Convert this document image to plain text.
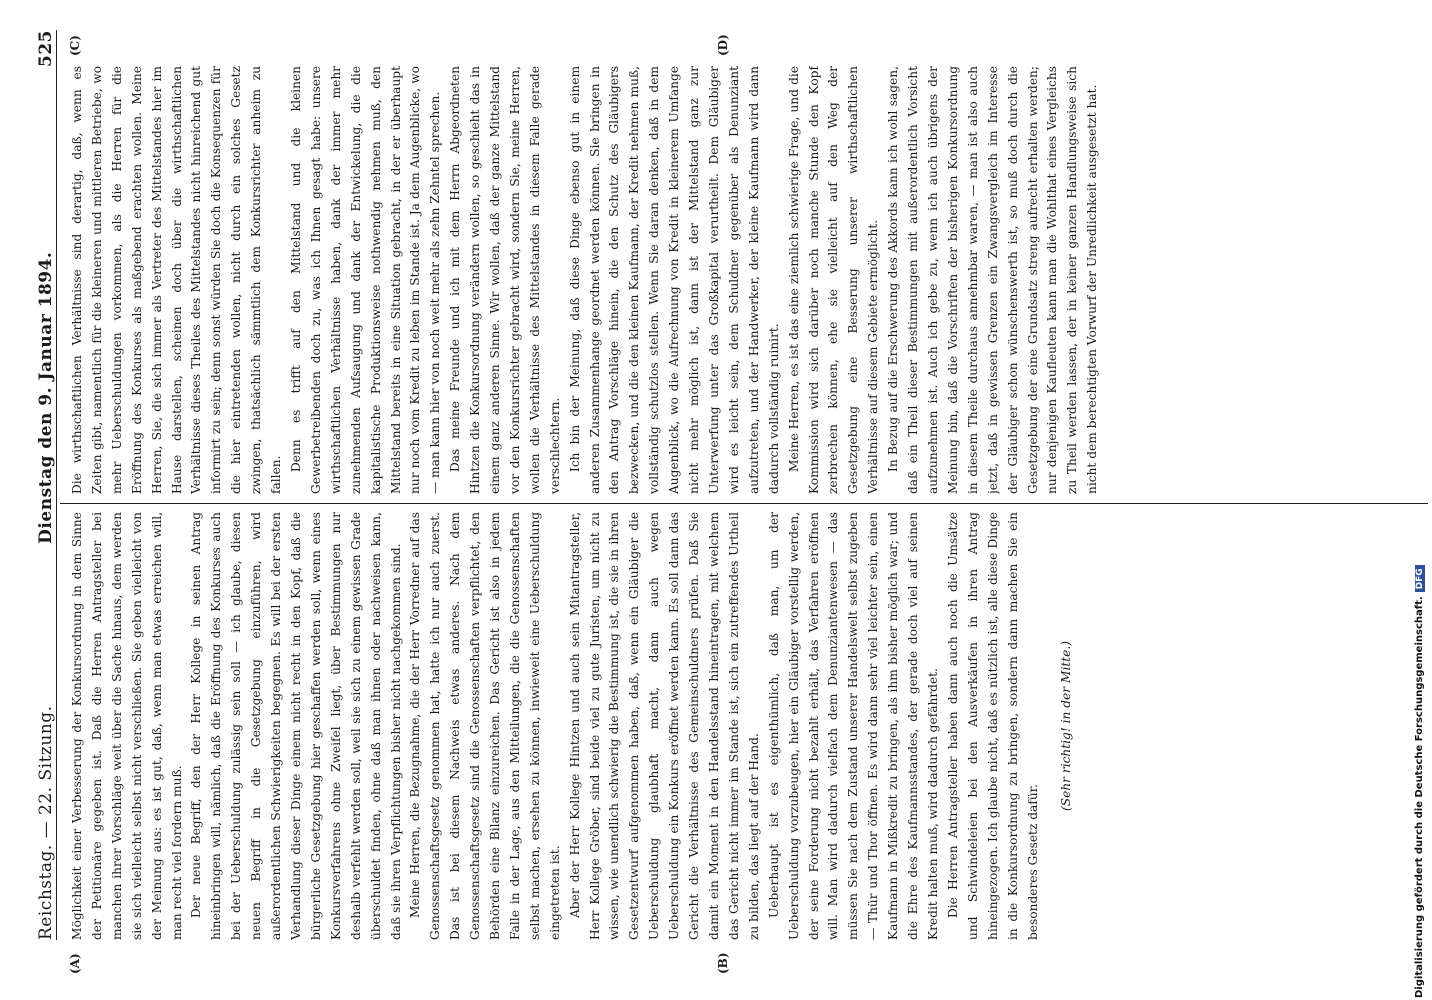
Reichstag. — 22. Sitzung.
Dienstag den 9. Januar 1894.
525
(A)	(B)
(C)	(D)

Möglichkeit einer Verbesserung der Konkursordnung in dem Sinne der Petitionäre gegeben ist. Daß die Herren Antragsteller bei manchen ihrer Vorschläge weit über die Sache hinaus, dem werden sie sich vielleicht selbst nicht verschließen. Sie geben vielleicht von der Meinung aus: es ist gut, daß, wenn man etwas erreichen will, man recht viel fordern muß. Der neue Begriff, den der Herr Kollege in seinen Antrag hineinbringen will, nämlich, daß die Eröffnung des Konkurses auch bei der Ueberschuldung zulässig sein soll — ich glaube, diesen neuen Begriff in die Gesetzgebung einzuführen, wird außerordentlichen Schwierigkeiten begegnen. Es will bei der ersten Verhandlung dieser Dinge einem nicht recht in den Kopf, daß die bürgerliche Gesetzgebung hier geschaffen werden soll, wenn eines Konkursverfahrens ohne Zweifel liegt, über Bestimmungen nur deshalb verfehlt werden soll, weil sie sich zu einem gewissen Grade überschuldet finden, ohne daß man ihnen oder nachweisen kann, daß sie ihren Verpflichtungen bisher nicht nachgekommen sind. Meine Herren, die Bezugnahme, die der Herr Vorredner auf das Genossenschaftsgesetz genommen hat, hatte ich nur auch zuerst. Das ist bei diesem Nachweis etwas anderes. Nach dem Genossenschaftsgesetz sind die Genossenschaften verpflichtet, den Behörden eine Bilanz einzureichen. Das Gericht ist also in jedem Falle in der Lage, aus den Mitteilungen, die die Genossenschaften selbst machen, ersehen zu können, inwieweit eine Ueberschuldung eingetreten ist. Aber der Herr Kollege Hintzen und auch sein Mitantragsteller, Herr Kollege Gröber, sind beide viel zu gute Juristen, um nicht zu wissen, wie unendlich schwierig die Bestimmung ist, die sie in ihren Gesetzentwurf aufgenommen haben, daß, wenn ein Gläubiger die Ueberschuldung glaubhaft macht, dann auch wegen Ueberschuldung ein Konkurs eröffnet werden kann. Es soll dann das Gericht die Verhältnisse des Gemeinschuldners prüfen. Daß Sie damit ein Moment in den Handelsstand hineintragen, mit welchem das Gericht nicht immer im Stande ist, sich ein zutreffendes Urtheil zu bilden, das liegt auf der Hand. Ueberhaupt ist es eigenthümlich, daß man, um der Ueberschuldung vorzubeugen, hier ein Gläubiger vorstellig werden, der seine Forderung nicht bezahlt erhält, das Verfahren eröffnen will. Man wird dadurch vielfach dem Denunziantenwesen — das müssen Sie nach dem Zustand unserer Handelswelt selbst zugeben — Thür und Thor öffnen. Es wird dann sehr viel leichter sein, einen Kaufmann in Mißkredit zu bringen, als ihm bisher möglich war; und die Ehre des Kaufmannsstandes, der gerade doch viel auf seinen Kredit halten muß, wird dadurch gefährdet. Die Herren Antragsteller haben dann auch noch die Umsätze und Schwindeleien bei den Ausverkäufen in ihren Antrag hineingezogen. Ich glaube nicht, daß es nützlich ist, alle diese Dinge in die Konkursordnung zu bringen, sondern dann machen Sie ein besonderes Gesetz dafür.

(Sehr richtig! in der Mitte.)

Die wirthschaftlichen Verhältnisse sind derartig, daß, wenn es Zeiten gibt, namentlich für die kleineren und mittleren Betriebe, wo mehr Ueberschuldungen vorkommen, als die Herren für die Eröffnung des Konkurses als maßgebend erachten wollen. Meine Herren, Sie, die sich immer als Vertreter des Mittelstandes hier im Hause darstellen, scheinen doch über die wirthschaftlichen Verhältnisse dieses Theiles des Mittelstandes nicht hinreichend gut informirt zu sein; denn sonst würden Sie doch die Konsequenzen für die hier eintretenden wollen, nicht durch ein solches Gesetz zwingen, thatsächlich sämmtlich dem Konkursrichter anheim zu fallen.

Denn es trifft auf den Mittelstand und die kleinen Gewerbetreibenden doch zu, was ich Ihnen gesagt habe: unsere wirthschaftlichen Verhältnisse haben, dank der immer mehr zunehmenden Aufsaugung und dank der Entwickelung, die die kapitalistische Produktionsweise nothwendig nehmen muß, den Mittelstand bereits in eine Situation gebracht, in der er überhaupt nur noch vom Kredit zu leben im Stande ist. Ja dem Augenblicke, wo — man kann hier von noch weit mehr als zehn Zehntel sprechen. Das meine Freunde und ich mit dem Herrn Abgeordneten Hintzen die Konkursordnung verändern wollen, so geschieht das in einem ganz anderen Sinne. Wir wollen, daß der ganze Mittelstand vor den Konkursrichter gebracht wird, sondern Sie, meine Herren, wollen die Verhältnisse des Mittelstandes in diesem Falle gerade verschlechtern. Ich bin der Meinung, daß diese Dinge ebenso gut in einem anderen Zusammenhange geordnet werden können. Sie bringen in den Antrag Vorschläge hinein, die den Schutz des Gläubigers bezwecken, und die den kleinen Kaufmann, der Kredit nehmen muß, vollständig schutzlos stellen. Wenn Sie daran denken, daß in dem Augenblick, wo die Aufrechnung von Kredit in kleinerem Umfange nicht mehr möglich ist, dann ist der Mittelstand ganz zur Unterwerfung unter das Großkapital verurtheilt. Dem Gläubiger wird es leicht sein, dem Schuldner gegenüber als Denunziant aufzutreten, und der Handwerker, der kleine Kaufmann wird dann dadurch vollständig ruinirt. Meine Herren, es ist das eine ziemlich schwierige Frage, und die Kommission wird sich darüber noch manche Stunde den Kopf zerbrechen können, ehe sie vielleicht auf den Weg der Gesetzgebung eine Besserung unserer wirthschaftlichen Verhältnisse auf diesem Gebiete ermöglicht. In Bezug auf die Erschwerung des Akkords kann ich wohl sagen, daß ein Theil dieser Bestimmungen mit außerordentlich Vorsicht aufzunehmen ist. Auch ich gebe zu, wenn ich auch übrigens der Meinung bin, daß die Vorschriften der bisherigen Konkursordnung in diesem Theile durchaus annehmbar waren, — man ist also auch jetzt, daß in gewissen Grenzen ein Zwangsvergleich im Interesse der Gläubiger schon wünschenswerth ist, so muß doch durch die Gesetzgebung der eine Grundsatz streng aufrecht erhalten werden; nur denjenigen Kaufleuten kann man die Wohlthat eines Vergleichs zu Theil werden lassen, der in keiner ganzen Handlungsweise sich nicht dem berechtigten Vorwurf der Unredlichkeit ausgesetzt hat.

Digitalisierung gefördert durch die Deutsche Forschungsgemeinschaft.DFG
